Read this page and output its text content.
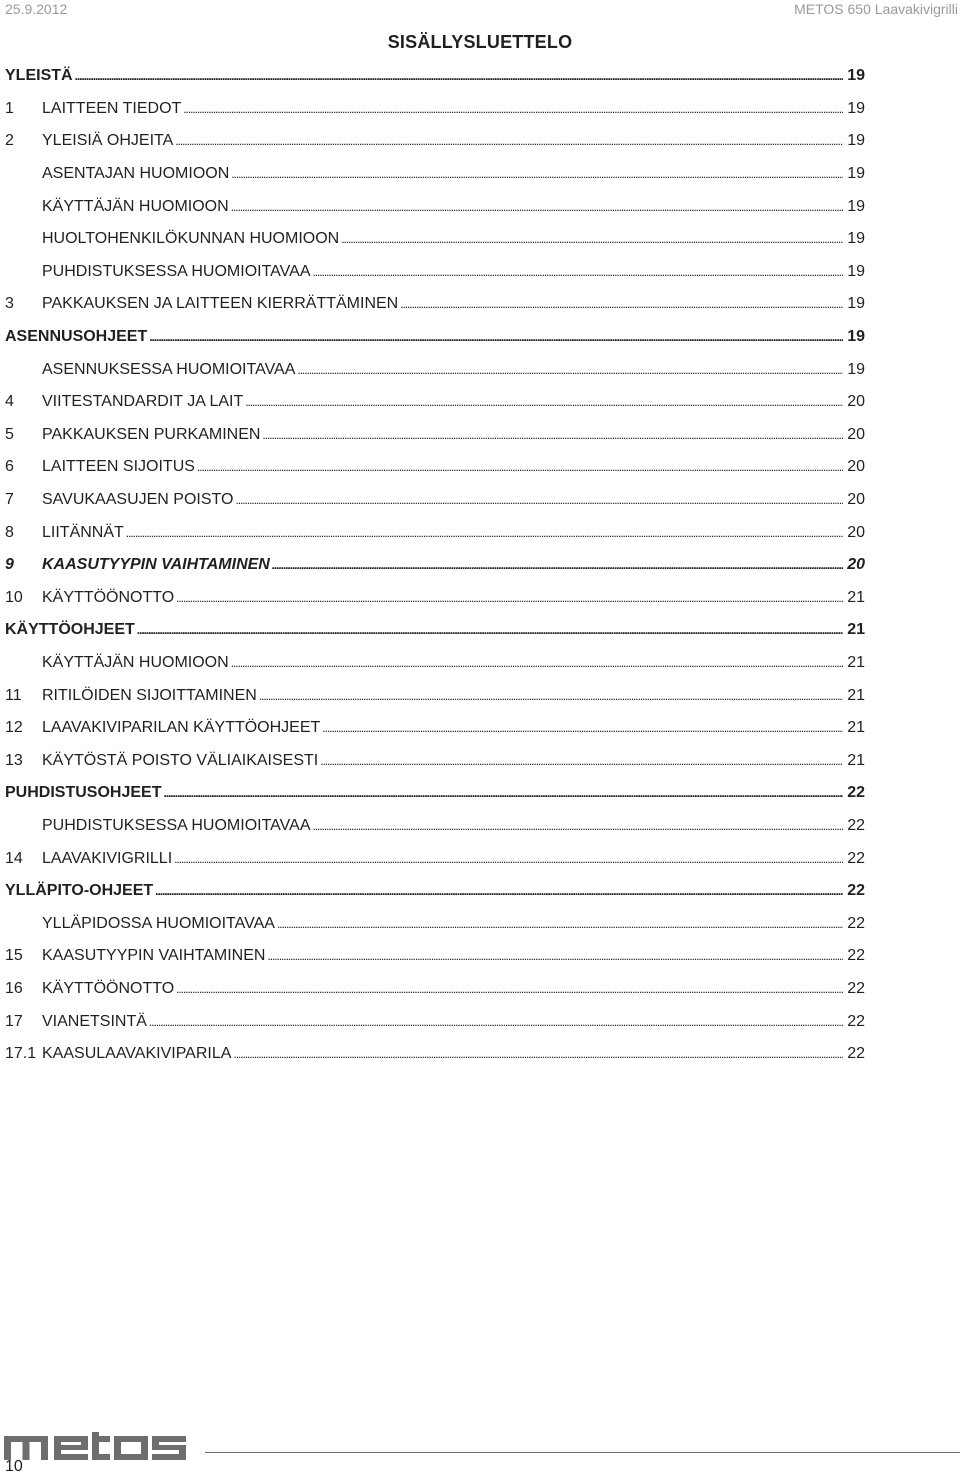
25.9.2012	METOS 650 Laavakivigrilli
SISÄLLYSLUETTELO
YLEISTÄ . . .	19
1	LAITTEEN TIEDOT . . .	19
2	YLEISIÄ OHJEITA . . .	19
ASENTAJAN HUOMIOON . . .	19
KÄYTTÄJÄN HUOMIOON . . .	19
HUOLTOHENKILÖKUNNAN HUOMIOON . . .	19
PUHDISTUKSESSA HUOMIOITAVAA . . .	19
3	PAKKAUKSEN JA LAITTEEN KIERRÄTTÄMINEN . . .	19
ASENNUSOHJEET . . .	19
ASENNUKSESSA HUOMIOITAVAA . . .	19
4	VIITESTANDARDIT JA LAIT . . .	20
5	PAKKAUKSEN PURKAMINEN . . .	20
6	LAITTEEN SIJOITUS . . .	20
7	SAVUKAASUJEN POISTO . . .	20
8	LIITÄNNÄT . . .	20
9	KAASUTYYPIN VAIHTAMINEN . . .	20
10	KÄYTTÖÖNOTTO . . .	21
KÄYTTÖOHJEET . . .	21
KÄYTTÄJÄN HUOMIOON . . .	21
11	RITILÖIDEN SIJOITTAMINEN . . .	21
12	LAAVAKIVIPARILAN KÄYTTÖOHJEET . . .	21
13	KÄYTÖSTÄ POISTO VÄLIAIKAISESTI . . .	21
PUHDISTUSOHJEET . . .	22
PUHDISTUKSESSA HUOMIOITAVAA . . .	22
14	LAAVAKIVIGRILLI . . .	22
YLLÄPITO-OHJEET . . .	22
YLLÄPIDOSSA HUOMIOITAVAA . . .	22
15	KAASUTYYPIN VAIHTAMINEN . . .	22
16	KÄYTTÖÖNOTTO . . .	22
17	VIANETSINTÄ . . .	22
17.1 KAASULAAVAKIVIPARILA . . .	22
10
